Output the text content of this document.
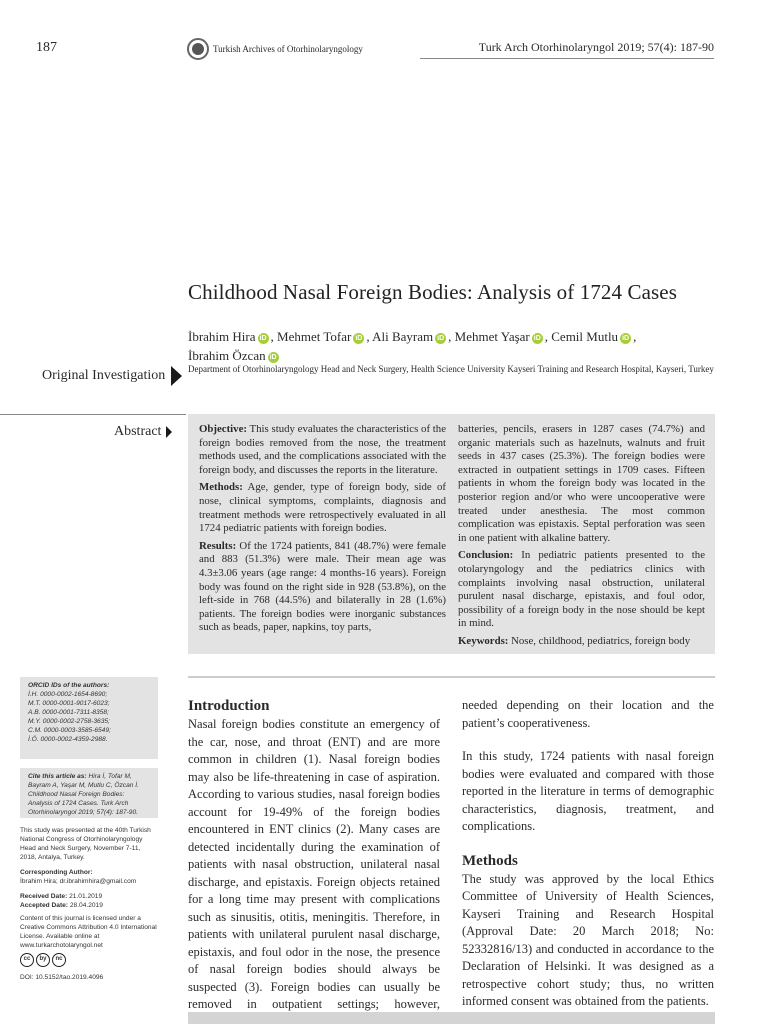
187	Turkish Archives of Otorhinolaryngology	Turk Arch Otorhinolaryngol 2019; 57(4): 187-90
Childhood Nasal Foreign Bodies: Analysis of 1724 Cases
İbrahim Hira iD , Mehmet Tofar iD , Ali Bayram iD , Mehmet Yaşar iD , Cemil Mutlu iD ,
İbrahim Özcan iD
Department of Otorhinolaryngology Head and Neck Surgery, Health Science University Kayseri Training and Research Hospital, Kayseri, Turkey
Original Investigation
Abstract	Objective: This study evaluates the characteristics of the foreign bodies removed from the nose, the treatment methods used, and the complications associated with the foreign body, and discusses the reports in the literature.

Methods: Age, gender, type of foreign body, side of nose, clinical symptoms, complaints, diagnosis and treatment methods were retrospectively evaluated in all 1724 pediatric patients with foreign bodies.

Results: Of the 1724 patients, 841 (48.7%) were female and 883 (51.3%) were male. Their mean age was 4.3±3.06 years (age range: 4 months-16 years). Foreign body was found on the right side in 928 (53.8%), on the left-side in 768 (44.5%) and bilaterally in 28 (1.6%) patients. The foreign bodies were inorganic substances such as beads, paper, napkins, toy parts,

batteries, pencils, erasers in 1287 cases (74.7%) and organic materials such as hazelnuts, walnuts and fruit seeds in 437 cases (25.3%). The foreign bodies were extracted in outpatient settings in 1709 cases. Fifteen patients in whom the foreign body was located in the posterior region and/or who were uncooperative were treated under anesthesia. The most common complication was epistaxis. Septal perforation was seen in one patient with alkaline battery.

Conclusion: In pediatric patients presented to the otolaryngology and the pediatrics clinics with complaints involving nasal obstruction, unilateral purulent nasal discharge, epistaxis, and foul odor, possibility of a foreign body in the nose should be kept in mind.

Keywords: Nose, childhood, pediatrics, foreign body

ORCID IDs of the authors:
İ.H. 0000-0002-1654-8690;
M.T. 0000-0001-9017-6023;
A.B. 0000-0001-7311-8358;
M.Y. 0000-0002-2758-3635;
C.M. 0000-0003-3585-6549;
İ.Ö. 0000-0002-4359-2988.
Cite this article as: Hira İ, Tofar M, Bayram A, Yaşar M, Mutlu C, Özcan İ. Childhood Nasal Foreign Bodies: Analysis of 1724 Cases. Turk Arch Otorhinolaryngol 2019; 57(4): 187-90.

This study was presented at the 40th Turkish National Congress of Otorhinolaryngology Head and Neck Surgery, November 7-11, 2018, Antalya, Turkey.

Corresponding Author:
İbrahim Hira; dr.ibrahimhira@gmail.com

Received Date: 21.01.2019
Accepted Date: 28.04.2019

Content of this journal is licensed under a Creative Commons Attribution 4.0 International License. Available online at www.turkarchotolaryngol.net

cc	by	nc

DOI: 10.5152/tao.2019.4096

Introduction

Nasal foreign bodies constitute an emergency of the car, nose, and throat (ENT) and are more common in children (1). Nasal foreign bodies may also be life-threatening in case of aspiration. According to various studies, nasal foreign bodies account for 19-49% of the foreign bodies encountered in ENT clinics (2). Many cases are detected incidentally during the examination of patients with nasal obstruction, unilateral nasal discharge, and epistaxis. Foreign objects retained for a long time may present with complications such as sinusitis, otitis, meningitis. Therefore, in patients with unilateral purulent nasal discharge, epistaxis, and foul odor in the nose, the presence of nasal foreign bodies should always be suspected (3). Foreign bodies can usually be removed in outpatient settings; however,

needed depending on their location and the patient’s cooperativeness.

In this study, 1724 patients with nasal foreign bodies were evaluated and compared with those reported in the literature in terms of demographic characteristics, diagnosis, treatment, and complications.

Methods

The study was approved by the local Ethics Committee of University of Health Sciences, Kayseri Training and Research Hospital (Approval Date: 20 March 2018; No: 52332816/13) and conducted in accordance to the Declaration of Helsinki. It was designed as a retrospective cohort study; thus, no written informed consent was obtained from the patients.
